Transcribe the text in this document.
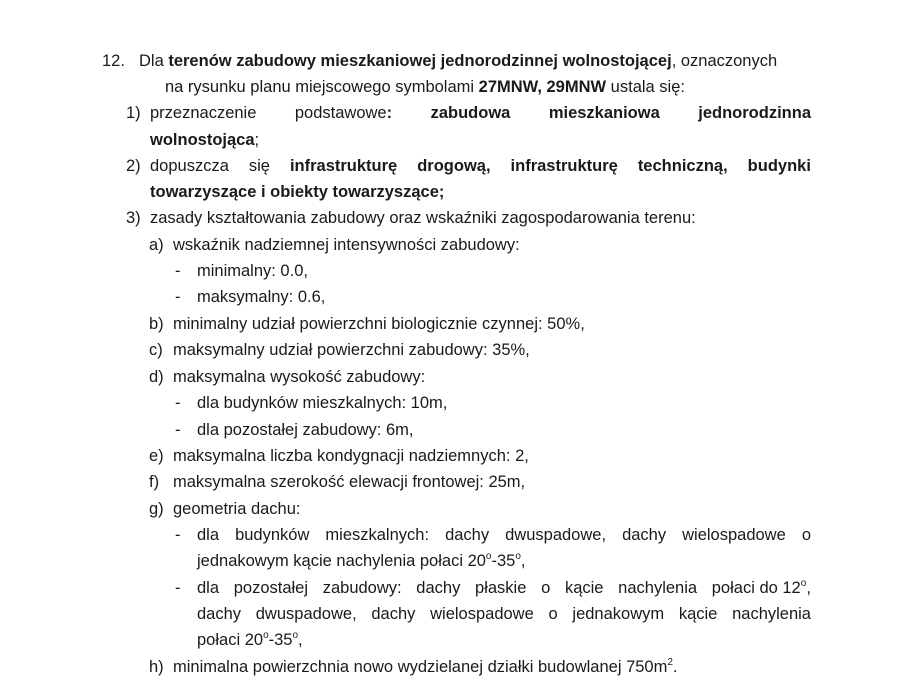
12. Dla terenów zabudowy mieszkaniowej jednorodzinnej wolnostojącej, oznaczonych
na rysunku planu miejscowego symbolami 27MNW, 29MNW ustala się:
1) przeznaczenie podstawowe: zabudowa mieszkaniowa jednorodzinna
wolnostojąca;
2) dopuszcza się infrastrukturę drogową, infrastrukturę techniczną, budynki
towarzyszące i obiekty towarzyszące;
3) zasady kształtowania zabudowy oraz wskaźniki zagospodarowania terenu:
a) wskaźnik nadziemnej intensywności zabudowy:
- minimalny: 0.0,
- maksymalny: 0.6,
b) minimalny udział powierzchni biologicznie czynnej: 50%,
c) maksymalny udział powierzchni zabudowy: 35%,
d) maksymalna wysokość zabudowy:
- dla budynków mieszkalnych: 10m,
- dla pozostałej zabudowy: 6m,
e) maksymalna liczba kondygnacji nadziemnych: 2,
f) maksymalna szerokość elewacji frontowej: 25m,
g) geometria dachu:
- dla budynków mieszkalnych: dachy dwuspadowe, dachy wielospadowe o
jednakowym kącie nachylenia połaci 20$^o$-35$^o$,
- dla pozostałej zabudowy: dachy płaskie o kącie nachylenia połaci do 12$^o$,
dachy dwuspadowe, dachy wielospadowe o jednakowym kącie nachylenia
połaci 20$^o$-35$^o$,
h) minimalna powierzchnia nowo wydzielanej działki budowlanej $750m^2$.
